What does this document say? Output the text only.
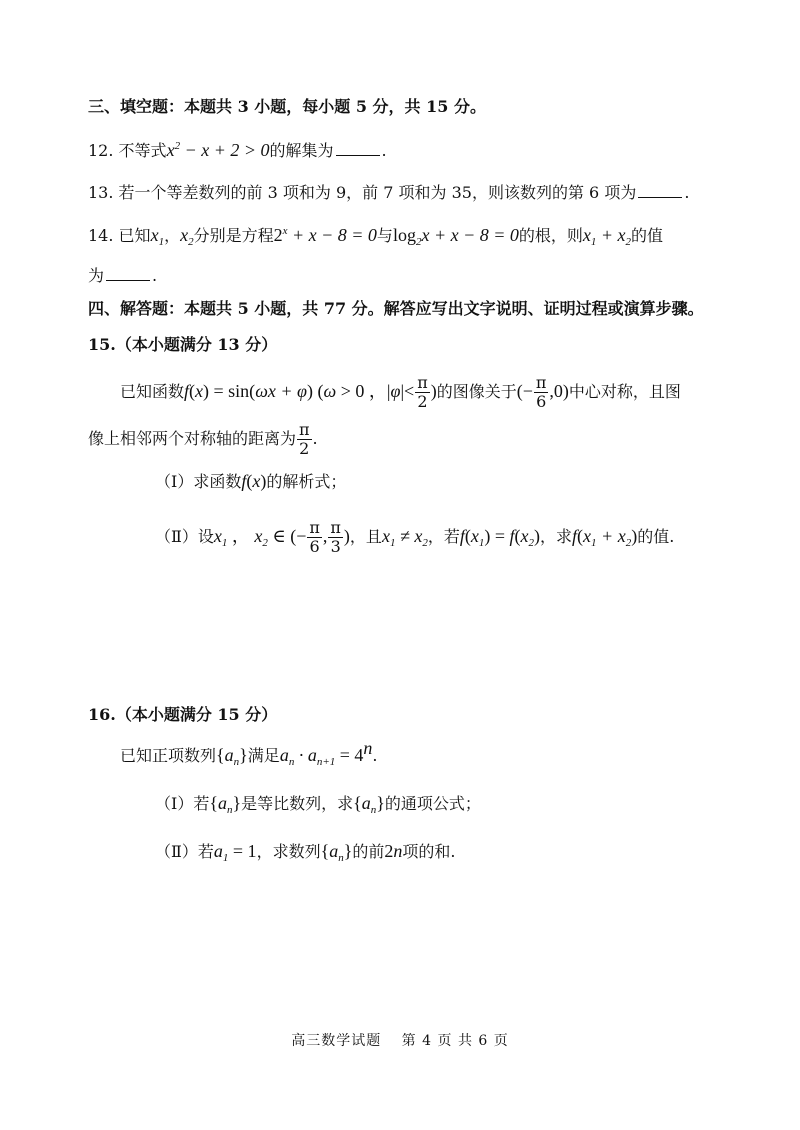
三、填空题：本题共 3 小题，每小题 5 分，共 15 分。
12. 不等式$x^2 - x + 2 > 0$的解集为	.
13. 若一个等差数列的前 3 项和为 9，前 7 项和为 35，则该数列的第 6 项为	.
14. 已知$x_1$，$x_2$分别是方程$2^x + x - 8 = 0$与$\log_2x + x - 8 = 0$的根，则$x_1 + x_2$的值
为	.
四、解答题：本题共 5 小题，共 77 分。解答应写出文字说明、证明过程或演算步骤。
15.（本小题满分 13 分）
已知函数f(x) = sin(ωx + φ) (ω > 0 ，$|\varphi|< \frac{\pi}{2}$ )的图像关于(− $\frac{\pi}{6} ,0$)中心对称，且图
像上相邻两个对称轴的距离为 $\frac{\pi}{2}$ .
（Ⅰ）求函数f(x)的解析式；
（Ⅱ）设$x_1$ ， $x_2$ ∈ (− $\frac{\pi}{6}$ , $\frac{\pi}{3}$ )，且$x_1 \ne x_2$，若$f(x_1) = f(x_2)$，求$f(x_1 + x_2)$的值.
16.（本小题满分 15 分）
已知正项数列$\{a_n\}$满足$a_n \cdot a_{n+1} = 4^n$.
（Ⅰ）若$\{a_n\}$是等比数列，求$\{a_n\}$的通项公式；
（Ⅱ）若$a_1 = 1$，求数列$\{a_n\}$的前2n项的和.
高三数学试题　 第 4 页 共 6 页
